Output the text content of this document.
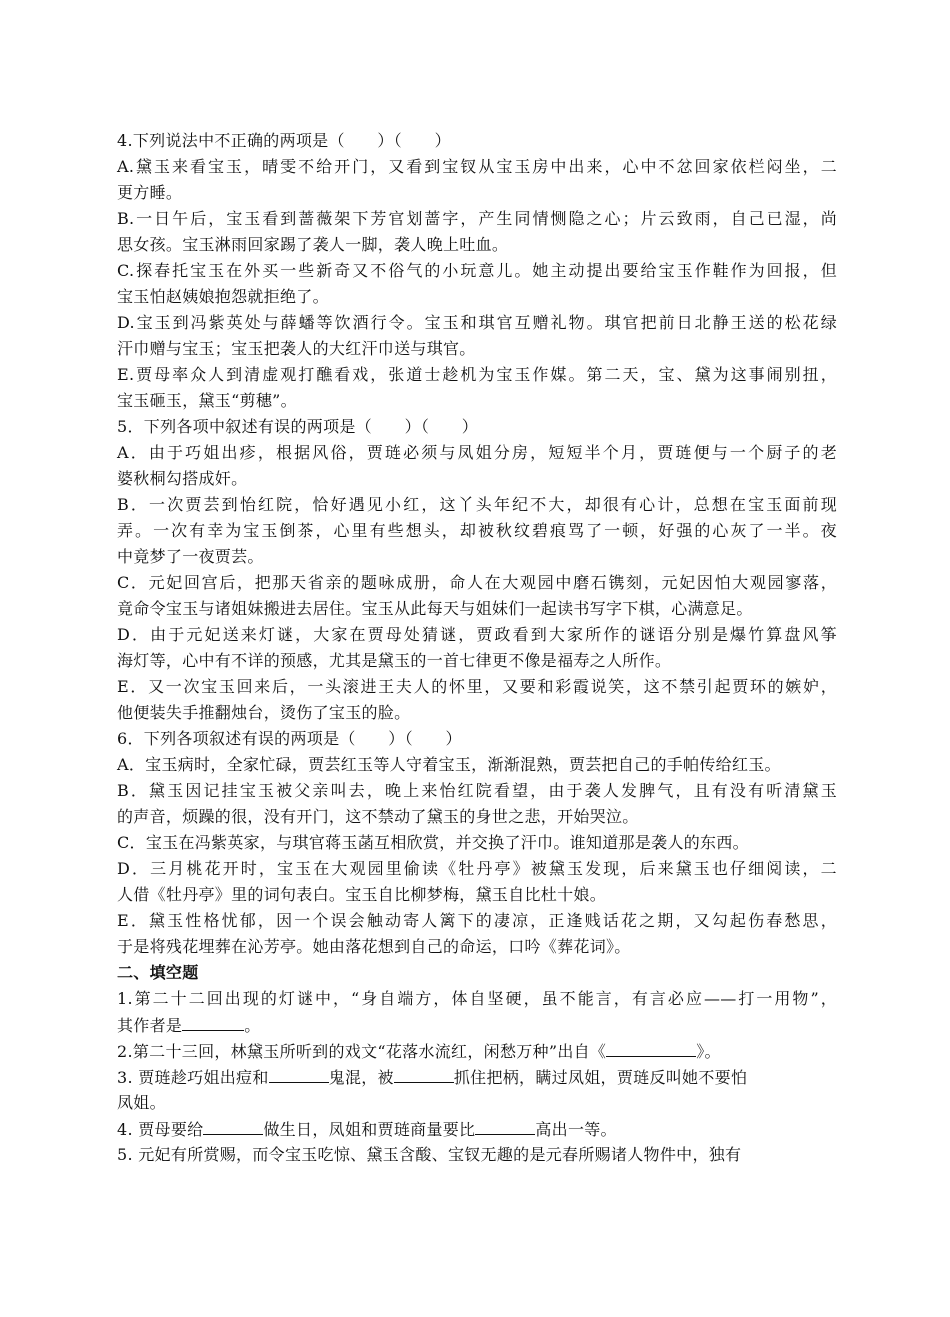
4.下列说法中不正确的两项是（　　）（　　）
A.黛玉来看宝玉，晴雯不给开门，又看到宝钗从宝玉房中出来，心中不忿回家依栏闷坐，二
更方睡。
B.一日午后，宝玉看到蔷薇架下芳官划蔷字，产生同情恻隐之心；片云致雨，自己已湿，尚
思女孩。宝玉淋雨回家踢了袭人一脚，袭人晚上吐血。
C.探春托宝玉在外买一些新奇又不俗气的小玩意儿。她主动提出要给宝玉作鞋作为回报，但
宝玉怕赵姨娘抱怨就拒绝了。
D.宝玉到冯紫英处与薛蟠等饮酒行令。宝玉和琪官互赠礼物。琪官把前日北静王送的松花绿
汗巾赠与宝玉；宝玉把袭人的大红汗巾送与琪官。
E.贾母率众人到清虚观打醮看戏，张道士趁机为宝玉作媒。第二天，宝、黛为这事闹别扭，
宝玉砸玉，黛玉“剪穗”。
5．下列各项中叙述有误的两项是（　　）（　　）
A．由于巧姐出疹，根据风俗，贾琏必须与凤姐分房，短短半个月，贾琏便与一个厨子的老
婆秋桐勾搭成奸。
B．一次贾芸到怡红院，恰好遇见小红，这丫头年纪不大，却很有心计，总想在宝玉面前现
弄。一次有幸为宝玉倒茶，心里有些想头，却被秋纹碧痕骂了一顿，好强的心灰了一半。夜
中竟梦了一夜贾芸。
C．元妃回宫后，把那天省亲的题咏成册，命人在大观园中磨石镌刻，元妃因怕大观园寥落，
竟命令宝玉与诸姐妹搬进去居住。宝玉从此每天与姐妹们一起读书写字下棋，心满意足。
D．由于元妃送来灯谜，大家在贾母处猜谜，贾政看到大家所作的谜语分别是爆竹算盘风筝
海灯等，心中有不详的预感，尤其是黛玉的一首七律更不像是福寿之人所作。
E．又一次宝玉回来后，一头滚进王夫人的怀里，又要和彩霞说笑，这不禁引起贾环的嫉妒，
他便装失手推翻烛台，烫伤了宝玉的脸。
6．下列各项叙述有误的两项是（　　）（　　）
A．宝玉病时，全家忙碌，贾芸红玉等人守着宝玉，渐渐混熟，贾芸把自己的手帕传给红玉。
B．黛玉因记挂宝玉被父亲叫去，晚上来怡红院看望，由于袭人发脾气，且有没有听清黛玉
的声音，烦躁的很，没有开门，这不禁动了黛玉的身世之悲，开始哭泣。
C．宝玉在冯紫英家，与琪官蒋玉菡互相欣赏，并交换了汗巾。谁知道那是袭人的东西。
D．三月桃花开时，宝玉在大观园里偷读《牡丹亭》被黛玉发现，后来黛玉也仔细阅读，二
人借《牡丹亭》里的词句表白。宝玉自比柳梦梅，黛玉自比杜十娘。
E．黛玉性格忧郁，因一个误会触动寄人篱下的凄凉，正逢贱话花之期，又勾起伤春愁思，
于是将残花埋葬在沁芳亭。她由落花想到自己的命运，口吟《葬花词》。
二、填空题
1.第二十二回出现的灯谜中，“身自端方，体自坚硬，虽不能言，有言必应——打一用物”，
其作者是	。
2.第二十三回，林黛玉所听到的戏文“花落水流红，闲愁万种”出自《	》。
3. 贾琏趁巧姐出痘和	鬼混，被	抓住把柄，瞒过凤姐，贾琏反叫她不要怕
凤姐。
4. 贾母要给	做生日，凤姐和贾琏商量要比	高出一等。
5. 元妃有所赏赐，而令宝玉吃惊、黛玉含酸、宝钗无趣的是元春所赐诸人物件中，独有
